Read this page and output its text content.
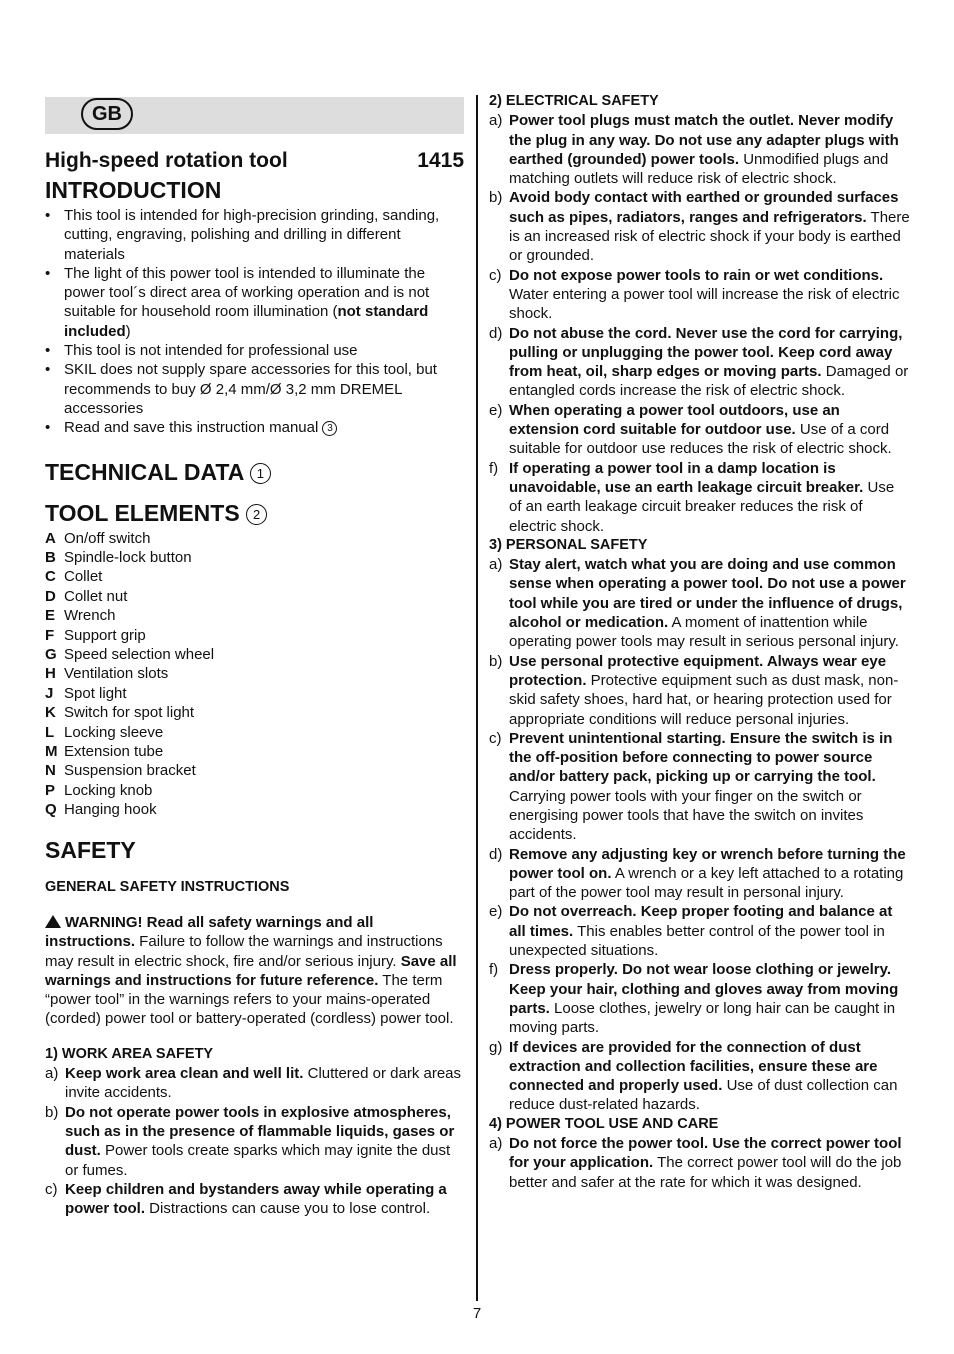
GB
High-speed rotation tool	1415
INTRODUCTION
• This tool is intended for high-precision grinding, sanding, cutting, engraving, polishing and drilling in different materials
• The light of this power tool is intended to illuminate the power tool´s direct area of working operation and is not suitable for household room illumination (not standard included)
• This tool is not intended for professional use
• SKIL does not supply spare accessories for this tool, but recommends to buy Ø 2,4 mm/Ø 3,2 mm DREMEL accessories
• Read and save this instruction manual 3
TECHNICAL DATA 1
TOOL ELEMENTS 2
A On/off switch
B Spindle-lock button
C Collet
D Collet nut
E Wrench
F Support grip
G Speed selection wheel
H Ventilation slots
J Spot light
K Switch for spot light
L Locking sleeve
M Extension tube
N Suspension bracket
P Locking knob
Q Hanging hook
SAFETY
GENERAL SAFETY INSTRUCTIONS
WARNING! Read all safety warnings and all instructions. Failure to follow the warnings and instructions may result in electric shock, fire and/or serious injury. Save all warnings and instructions for future reference. The term “power tool” in the warnings refers to your mains-operated (corded) power tool or battery-operated (cordless) power tool.
1) WORK AREA SAFETY
a) Keep work area clean and well lit. Cluttered or dark areas invite accidents.
b) Do not operate power tools in explosive atmospheres, such as in the presence of flammable liquids, gases or dust. Power tools create sparks which may ignite the dust or fumes.
c) Keep children and bystanders away while operating a power tool. Distractions can cause you to lose control.
2) ELECTRICAL SAFETY
a) Power tool plugs must match the outlet. Never modify the plug in any way. Do not use any adapter plugs with earthed (grounded) power tools. Unmodified plugs and matching outlets will reduce risk of electric shock.
b) Avoid body contact with earthed or grounded surfaces such as pipes, radiators, ranges and refrigerators. There is an increased risk of electric shock if your body is earthed or grounded.
c) Do not expose power tools to rain or wet conditions. Water entering a power tool will increase the risk of electric shock.
d) Do not abuse the cord. Never use the cord for carrying, pulling or unplugging the power tool. Keep cord away from heat, oil, sharp edges or moving parts. Damaged or entangled cords increase the risk of electric shock.
e) When operating a power tool outdoors, use an extension cord suitable for outdoor use. Use of a cord suitable for outdoor use reduces the risk of electric shock.
f) If operating a power tool in a damp location is unavoidable, use an earth leakage circuit breaker. Use of an earth leakage circuit breaker reduces the risk of electric shock.
3) PERSONAL SAFETY
a) Stay alert, watch what you are doing and use common sense when operating a power tool. Do not use a power tool while you are tired or under the influence of drugs, alcohol or medication. A moment of inattention while operating power tools may result in serious personal injury.
b) Use personal protective equipment. Always wear eye protection. Protective equipment such as dust mask, non-skid safety shoes, hard hat, or hearing protection used for appropriate conditions will reduce personal injuries.
c) Prevent unintentional starting. Ensure the switch is in the off-position before connecting to power source and/or battery pack, picking up or carrying the tool. Carrying power tools with your finger on the switch or energising power tools that have the switch on invites accidents.
d) Remove any adjusting key or wrench before turning the power tool on. A wrench or a key left attached to a rotating part of the power tool may result in personal injury.
e) Do not overreach. Keep proper footing and balance at all times. This enables better control of the power tool in unexpected situations.
f) Dress properly. Do not wear loose clothing or jewelry. Keep your hair, clothing and gloves away from moving parts. Loose clothes, jewelry or long hair can be caught in moving parts.
g) If devices are provided for the connection of dust extraction and collection facilities, ensure these are connected and properly used. Use of dust collection can reduce dust-related hazards.
4) POWER TOOL USE AND CARE
a) Do not force the power tool. Use the correct power tool for your application. The correct power tool will do the job better and safer at the rate for which it was designed.
7
